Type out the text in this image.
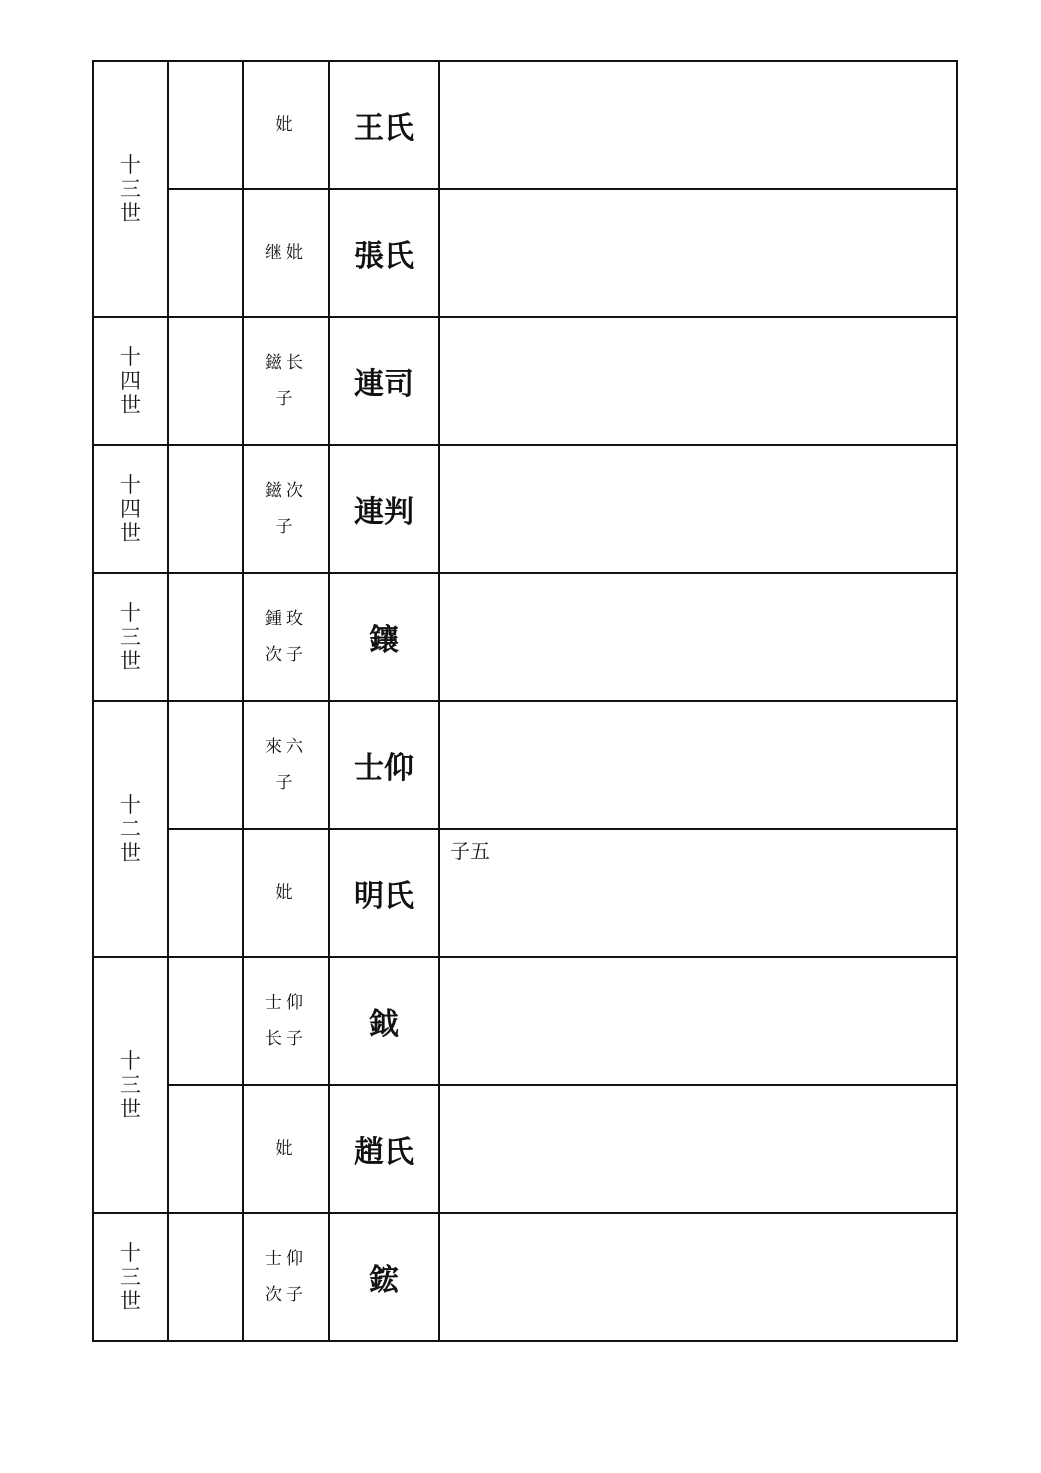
十三世		妣	王氏	

		继妣	張氏	

十四世		鎡长子	連司	

十四世		鎡次子	連判	

十三世		鍾玫次子	鑲	

十二世		來六子	士仰	

		妣	明氏	子五

十三世		士仰长子	鉞	

		妣	趙氏	

十三世		士仰次子	鋐	
